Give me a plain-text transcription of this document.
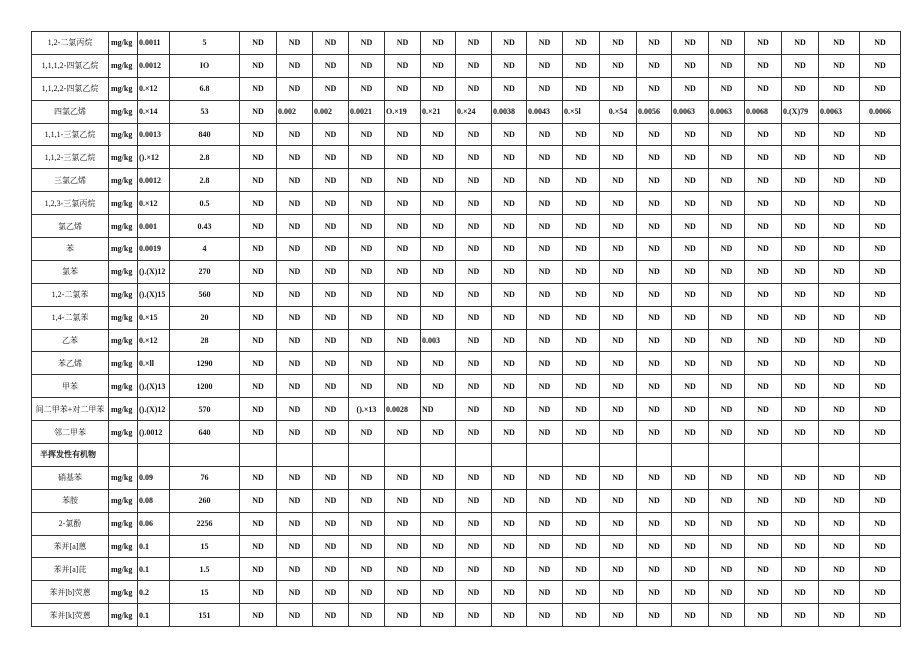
1,2-二氯丙烷	mg/kg	0.0011	5	ND	ND	ND	ND	ND	ND	ND	ND	ND	ND	ND	ND	ND	ND	ND	ND	ND	ND
1,1,1,2-四氯乙烷	mg/kg	0.0012	IO	ND	ND	ND	ND	ND	ND	ND	ND	ND	ND	ND	ND	ND	ND	ND	ND	ND	ND
1,1,2,2-四氯乙烷	mg/kg	0.×12	6.8	ND	ND	ND	ND	ND	ND	ND	ND	ND	ND	ND	ND	ND	ND	ND	ND	ND	ND
四氯乙烯	mg/kg	0.×14	53	ND	0.002	0.002	0.0021	O.×19	0.×21	0.×24	0.0038	0.0043	0.×5l	0.×54	0.0056	0.0063	0.0063	0.0068	0.(X)79	0.0063	0.0066
1,1,1-三氯乙烷	mg/kg	0.0013	840	ND	ND	ND	ND	ND	ND	ND	ND	ND	ND	ND	ND	ND	ND	ND	ND	ND	ND
1,1,2-三氯乙烷	mg/kg	().×12	2.8	ND	ND	ND	ND	ND	ND	ND	ND	ND	ND	ND	ND	ND	ND	ND	ND	ND	ND
三氯乙烯	mg/kg	0.0012	2.8	ND	ND	ND	ND	ND	ND	ND	ND	ND	ND	ND	ND	ND	ND	ND	ND	ND	ND
1,2,3-三氯丙烷	mg/kg	0.×12	0.5	ND	ND	ND	ND	ND	ND	ND	ND	ND	ND	ND	ND	ND	ND	ND	ND	ND	ND
氯乙烯	mg/kg	0.001	0.43	ND	ND	ND	ND	ND	ND	ND	ND	ND	ND	ND	ND	ND	ND	ND	ND	ND	ND
苯	mg/kg	0.0019	4	ND	ND	ND	ND	ND	ND	ND	ND	ND	ND	ND	ND	ND	ND	ND	ND	ND	ND
氯苯	mg/kg	().(X)12	270	ND	ND	ND	ND	ND	ND	ND	ND	ND	ND	ND	ND	ND	ND	ND	ND	ND	ND
1,2-二氯苯	mg/kg	().(X)15	560	ND	ND	ND	ND	ND	ND	ND	ND	ND	ND	ND	ND	ND	ND	ND	ND	ND	ND
1,4-二氯苯	mg/kg	0.×15	20	ND	ND	ND	ND	ND	ND	ND	ND	ND	ND	ND	ND	ND	ND	ND	ND	ND	ND
乙苯	mg/kg	0.×12	28	ND	ND	ND	ND	ND	0.003	ND	ND	ND	ND	ND	ND	ND	ND	ND	ND	ND	ND
苯乙烯	mg/kg	0.×ll	1290	ND	ND	ND	ND	ND	ND	ND	ND	ND	ND	ND	ND	ND	ND	ND	ND	ND	ND
甲苯	mg/kg	().(X)13	1200	ND	ND	ND	ND	ND	ND	ND	ND	ND	ND	ND	ND	ND	ND	ND	ND	ND	ND
间二甲苯+对二甲苯	mg/kg	().(X)12	570	ND	ND	ND	().×13	0.0028	ND	ND	ND	ND	ND	ND	ND	ND	ND	ND	ND	ND	ND
邻二甲苯	mg/kg	().0012	640	ND	ND	ND	ND	ND	ND	ND	ND	ND	ND	ND	ND	ND	ND	ND	ND	ND	ND
半挥发性有机物																					
硝基苯	mg/kg	0.09	76	ND	ND	ND	ND	ND	ND	ND	ND	ND	ND	ND	ND	ND	ND	ND	ND	ND	ND
苯胺	mg/kg	0.08	260	ND	ND	ND	ND	ND	ND	ND	ND	ND	ND	ND	ND	ND	ND	ND	ND	ND	ND
2-氯酚	mg/kg	0.06	2256	ND	ND	ND	ND	ND	ND	ND	ND	ND	ND	ND	ND	ND	ND	ND	ND	ND	ND
苯并[a]蒽	mg/kg	0.1	15	ND	ND	ND	ND	ND	ND	ND	ND	ND	ND	ND	ND	ND	ND	ND	ND	ND	ND
苯并[a]芘	mg/kg	0.1	1.5	ND	ND	ND	ND	ND	ND	ND	ND	ND	ND	ND	ND	ND	ND	ND	ND	ND	ND
苯并[b]荧蒽	mg/kg	0.2	15	ND	ND	ND	ND	ND	ND	ND	ND	ND	ND	ND	ND	ND	ND	ND	ND	ND	ND
苯并[k]荧蒽	mg/kg	0.1	151	ND	ND	ND	ND	ND	ND	ND	ND	ND	ND	ND	ND	ND	ND	ND	ND	ND	ND
